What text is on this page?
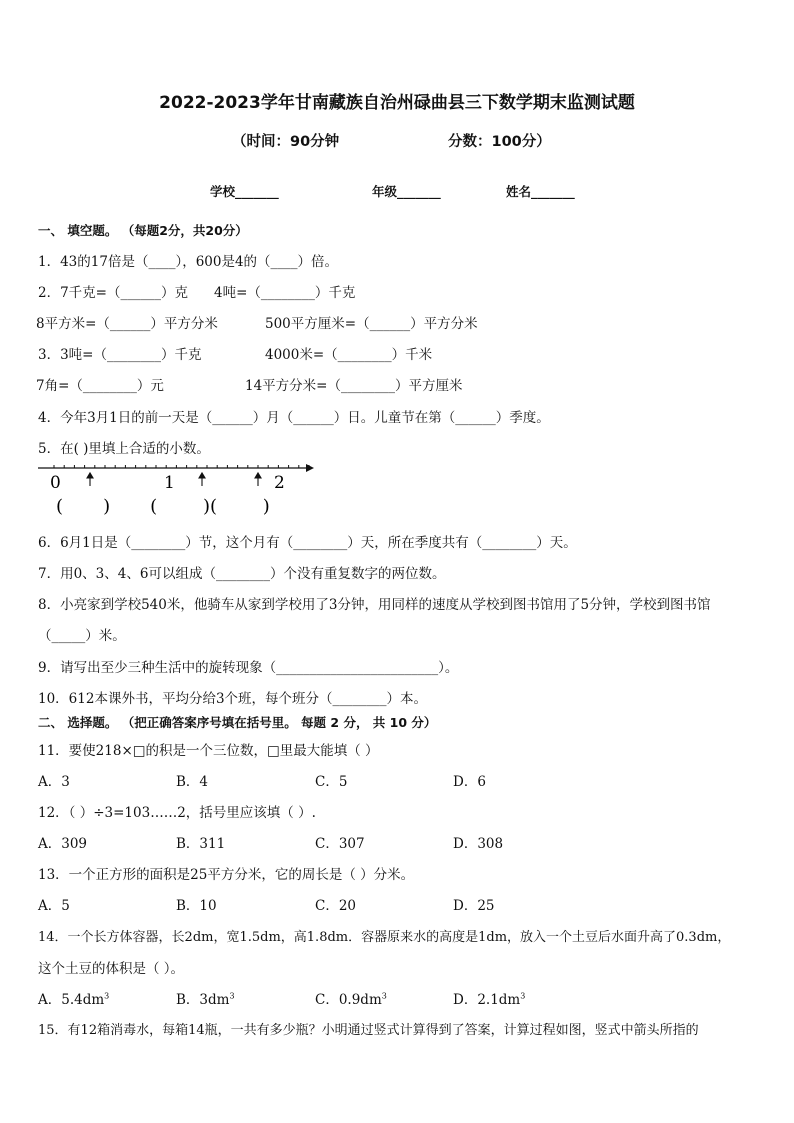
2022-2023学年甘南藏族自治州碌曲县三下数学期末监测试题
（时间：90分钟	分数：100分）
学校_______	年级_______	姓名_______
一、 填空题。 （每题2分，共20分）
1．43的17倍是（____），600是4的（____）倍。
2．7千克=（______）克 4吨=（________）千克
8平方米=（______）平方分米	500平方厘米=（______）平方分米
3．3吨=（________）千克	4000米=（________）千米
7角=（________）元	14平方分米=（________）平方厘米
4．今年3月1日的前一天是（______）月（______）日。儿童节在第（______）季度。
5．在( )里填上合适的小数。
0	1	2
(       )       (        )(        )
6．6月1日是（________）节，这个月有（________）天，所在季度共有（________）天。
7．用0、3、4、6可以组成（________）个没有重复数字的两位数。
8．小亮家到学校540米，他骑车从家到学校用了3分钟，用同样的速度从学校到图书馆用了5分钟，学校到图书馆
（_____）米。
9．请写出至少三种生活中的旋转现象（________________________）。
10．612本课外书，平均分给3个班，每个班分（________）本。
二、 选择题。 （把正确答案序号填在括号里。 每题 2 分， 共 10 分）
11．要使218×□的积是一个三位数，□里最大能填（ ）
A．3	B．4	C．5	D．6
12．（ ）÷3=103……2，括号里应该填（ ）.
A．309	B．311	C．307	D．308
13．一个正方形的面积是25平方分米，它的周长是（ ）分米。
A．5	B．10	C．20	D．25
14．一个长方体容器，长2dm，宽1.5dm，高1.8dm．容器原来水的高度是1dm，放入一个土豆后水面升高了0.3dm，
这个土豆的体积是（ ）。
A．$5.4dm^3$	B．$3dm^3$	C．$0.9dm^3$	D．$2.1dm^3$
15．有12箱消毒水，每箱14瓶，一共有多少瓶？小明通过竖式计算得到了答案，计算过程如图，竖式中箭头所指的
